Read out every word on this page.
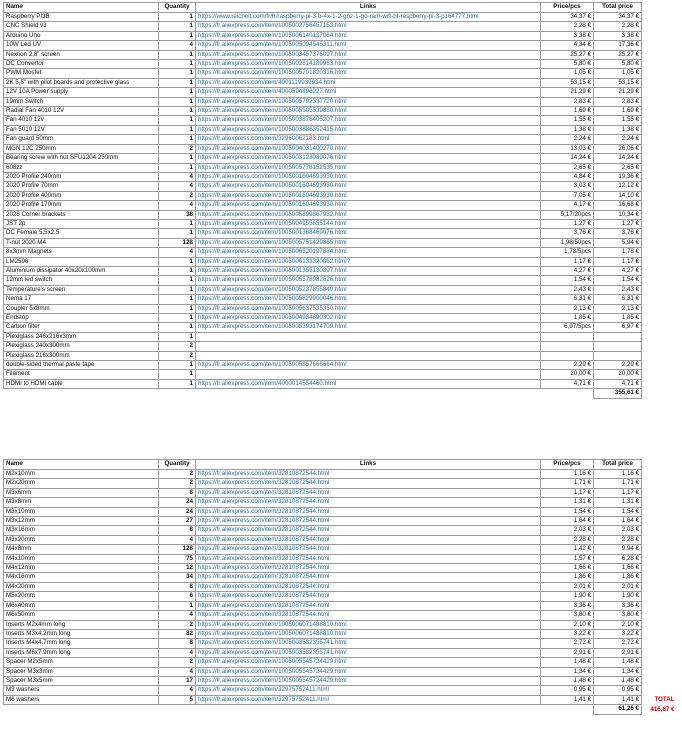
Name	Quantity	Links	Price/pcs	Total price
Raspberry PI3B	1	https://www.reichelt.com/fr/fr/raspberry-pi-3-b-4x-1-2-ghz-1-go-ram-wifi-bt-raspberry-pi-3-p164777.html	34,37 €	34,37 €
CNC Shield v3	1	https://fr.aliexpress.com/item/1005002756457153.html	2,28 €	2,28 €
Arduino Uno	1	https://fr.aliexpress.com/item/1005006140137064.html	3,38 €	3,38 €
10W Led UV	4	https://fr.aliexpress.com/item/1005005094546311.html	4,34 €	17,36 €
Nextion 2,8" screen	1	https://fr.aliexpress.com/item/1005003457376097.html	25,27 €	25,27 €
DC Convertor	1	https://fr.aliexpress.com/item/1005002814189963.html	5,80 €	5,80 €
PWM Mosfet	1	https://fr.aliexpress.com/item/1005005701820316.html	1,05 €	1,05 €
2K 5,5" with pilot boards and protective glass	1	https://fr.aliexpress.com/item/4001119939934.html	53,15 €	53,15 €
12V 10A Power supply	1	https://fr.aliexpress.com/item/4000594896227.html	21,29 €	21,29 €
19mm Switch	1	https://fr.aliexpress.com/item/1005005792537720.html	2,83 €	2,83 €
Radial Fan 4010 12V	1	https://fr.aliexpress.com/item/1005005585539880.html	1,69 €	1,69 €
Fan 4010 12v	1	https://fr.aliexpress.com/item/1005003878405207.html	1,55 €	1,55 €
Fan 5010 12V	1	https://fr.aliexpress.com/item/1005003886352415.html	1,38 €	1,38 €
Fan guard 50mm	1	https://fr.aliexpress.com/item/32960062183.html	2,24 €	2,24 €
MGN 12C 250mm	2	https://fr.aliexpress.com/item/1005004031400270.html	13,03 €	26,06 €
Bearing screw with nut SFU1204 250mm	1	https://fr.aliexpress.com/item/1005003123089076.html	14,24 €	14,24 €
608zz	1	https://fr.aliexpress.com/item/1005005778152535.html	2,65 €	2,65 €
2020 Profile 240mm	4	https://fr.aliexpress.com/item/1005001604693930.html	4,84 €	19,36 €
2020 Profile 70mm	4	https://fr.aliexpress.com/item/1005001604693930.html	3,03 €	12,12 €
2020 Profile 400mm	2	https://fr.aliexpress.com/item/1005001604693930.html	7,05 €	14,10 €
2020 Profile 170mm	4	https://fr.aliexpress.com/item/1005001604693930.html	4,17 €	16,68 €
2028 Corner brackets	38	https://fr.aliexpress.com/item/1005005899867932.html	5,17/20pcs	10,34 €
JST 2p	1	https://fr.aliexpress.com/item/1005004955655144.html	1,27 €	1,27 €
DC Female 5,5x2,5	1	https://fr.aliexpress.com/item/1005001368469076.html	3,76 €	3,76 €
T-nut 2020 M4	128	https://fr.aliexpress.com/item/1005005751429865.html	1,98/50pcs	5,94 €
8x3mm Magnets	4	https://fr.aliexpress.com/item/1005006520197884.html	1,78/5pcs	1,78 €
LM2596	1	https://fr.aliexpress.com/item/1005006133320862.html?	1,17 €	1,17 €
Aluminium dissipator 40x20x100mm	1	https://fr.aliexpress.com/item/1005001355130897.html	4,27 €	4,27 €
12mm led switch	1	https://fr.aliexpress.com/item/1005005578982626.html	1,54 €	1,54 €
Temperature's screen	1	https://fr.aliexpress.com/item/1005005237855840.html	2,43 €	2,43 €
Nema 17	1	https://fr.aliexpress.com/item/1005005829900046.html	6,31 €	6,31 €
Coupler 5x8mm	1	https://fr.aliexpress.com/item/1005005637535350.html	2,13 €	2,13 €
Endstop	1	https://fr.aliexpress.com/item/1005004984890302.html	1,85 €	1,85 €
Carbon filter	1	https://fr.aliexpress.com/item/1005005393174709.html	6,97/5pcs	6,97 €
Plexiglass 246x216x3mm	1			
Plexiglass 240x300mm	2			
Plexiglass 216x300mm	2			
double-sided thermal paste tape	1	https://fr.aliexpress.com/item/1005005857666664.html	2,29 €	2,29 €
Filament	1		20,00 €	20,00 €
HDMI to HDMI cable	1	https://fr.aliexpress.com/item/4000014554460.html	4,71 €	4,71 €
				355,61 €
Name	Quantity	Links	Price/pcs	Total price	
M2x10mm	2	https://fr.aliexpress.com/item/32810872544.html	1,16 €	1,16 €	
M2x20mm	2	https://fr.aliexpress.com/item/32810872544.html	1,71 €	1,71 €	
M3x6mm	8	https://fr.aliexpress.com/item/32810872544.html	1,17 €	1,17 €	
M3x8mm	24	https://fr.aliexpress.com/item/32810872544.html	1,31 €	1,31 €	
M3x10mm	24	https://fr.aliexpress.com/item/32810872544.html	1,54 €	1,54 €	
M3x12mm	27	https://fr.aliexpress.com/item/32810872544.html	1,64 €	1,64 €	
M3x16mm	8	https://fr.aliexpress.com/item/32810872544.html	2,03 €	2,03 €	
M3x20mm	4	https://fr.aliexpress.com/item/32810872544.html	2,28 €	2,28 €	
M4x8mm	128	https://fr.aliexpress.com/item/32810872544.html	1,42 €	9,94 €	
M4x10mm	75	https://fr.aliexpress.com/item/32810872544.html	1,57 €	6,28 €	
M4x12mm	12	https://fr.aliexpress.com/item/32810872544.html	1,66 €	1,66 €	
M4x16mm	34	https://fr.aliexpress.com/item/32810872544.html	1,86 €	1,86 €	
M4x20mm	8	https://fr.aliexpress.com/item/32810872544.html	2,01 €	2,01 €	
M5x20mm	6	https://fr.aliexpress.com/item/32810872544.html	1,90 €	1,90 €	
M6x40mm	1	https://fr.aliexpress.com/item/32810872544.html	3,36 €	3,36 €	
M6x50mm	4	https://fr.aliexpress.com/item/32810872544.html	3,80 €	3,80 €	
Inserts M2x4mm long	2	https://fr.aliexpress.com/item/1005006071488810.html	2,10 €	2,10 €	
Inserts M3x4.2mm long	82	https://fr.aliexpress.com/item/1005006071488810.html	3,22 €	3,22 €	
Inserts M4x4.7mm long	8	https://fr.aliexpress.com/item/1005003582355741.html	2,72 €	2,72 €	
Inserts M6x7.9mm long	4	https://fr.aliexpress.com/item/1005003582355741.html	2,91 €	2,91 €	
Spacer M2x5mm	2	https://fr.aliexpress.com/item/1005005545724429.html	1,48 €	1,48 €	
Spacer M3x3mm	4	https://fr.aliexpress.com/item/1005005545724429.html	1,34 €	1,34 €	
Spacer M3x5mm	17	https://fr.aliexpress.com/item/1005005545724429.html	1,48 €	1,48 €	
M3 washers	4	https://fr.aliexpress.com/item/32975752411.html	0,95 €	0,95 €	
M6 washers	5	https://fr.aliexpress.com/item/32975752411.html	1,41 €	1,41 €	TOTAL
				61,26 €	416,87 €
